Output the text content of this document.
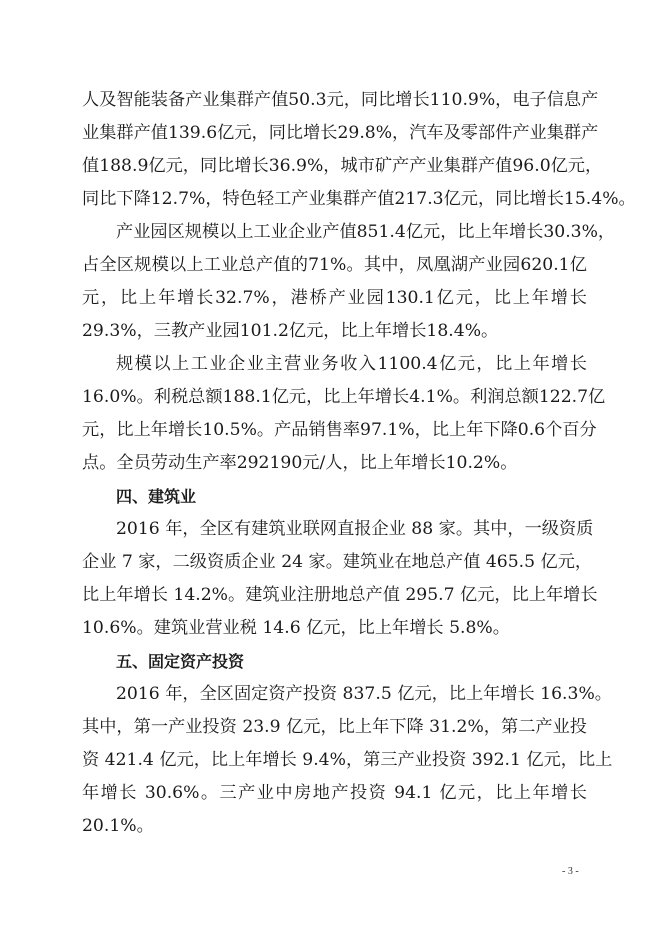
人及智能装备产业集群产值50.3元，同比增长110.9%，电子信息产
业集群产值139.6亿元，同比增长29.8%，汽车及零部件产业集群产
值188.9亿元，同比增长36.9%，城市矿产产业集群产值96.0亿元，
同比下降12.7%，特色轻工产业集群产值217.3亿元，同比增长15.4%。
产业园区规模以上工业企业产值851.4亿元，比上年增长30.3%，
占全区规模以上工业总产值的71%。其中，凤凰湖产业园620.1亿
元，比上年增长32.7%，港桥产业园130.1亿元，比上年增长
29.3%，三教产业园101.2亿元，比上年增长18.4%。
规模以上工业企业主营业务收入1100.4亿元，比上年增长
16.0%。利税总额188.1亿元，比上年增长4.1%。利润总额122.7亿
元，比上年增长10.5%。产品销售率97.1%，比上年下降0.6个百分
点。全员劳动生产率292190元/人，比上年增长10.2%。
四、建筑业
2016 年，全区有建筑业联网直报企业 88 家。其中，一级资质
企业 7 家，二级资质企业 24 家。建筑业在地总产值 465.5 亿元，
比上年增长 14.2%。建筑业注册地总产值 295.7 亿元，比上年增长
10.6%。建筑业营业税 14.6 亿元，比上年增长 5.8%。
五、固定资产投资
2016 年，全区固定资产投资 837.5 亿元，比上年增长 16.3%。
其中，第一产业投资 23.9 亿元，比上年下降 31.2%，第二产业投
资 421.4 亿元，比上年增长 9.4%，第三产业投资 392.1 亿元，比上
年增长 30.6%。三产业中房地产投资 94.1 亿元，比上年增长
20.1%。
- 3 -
